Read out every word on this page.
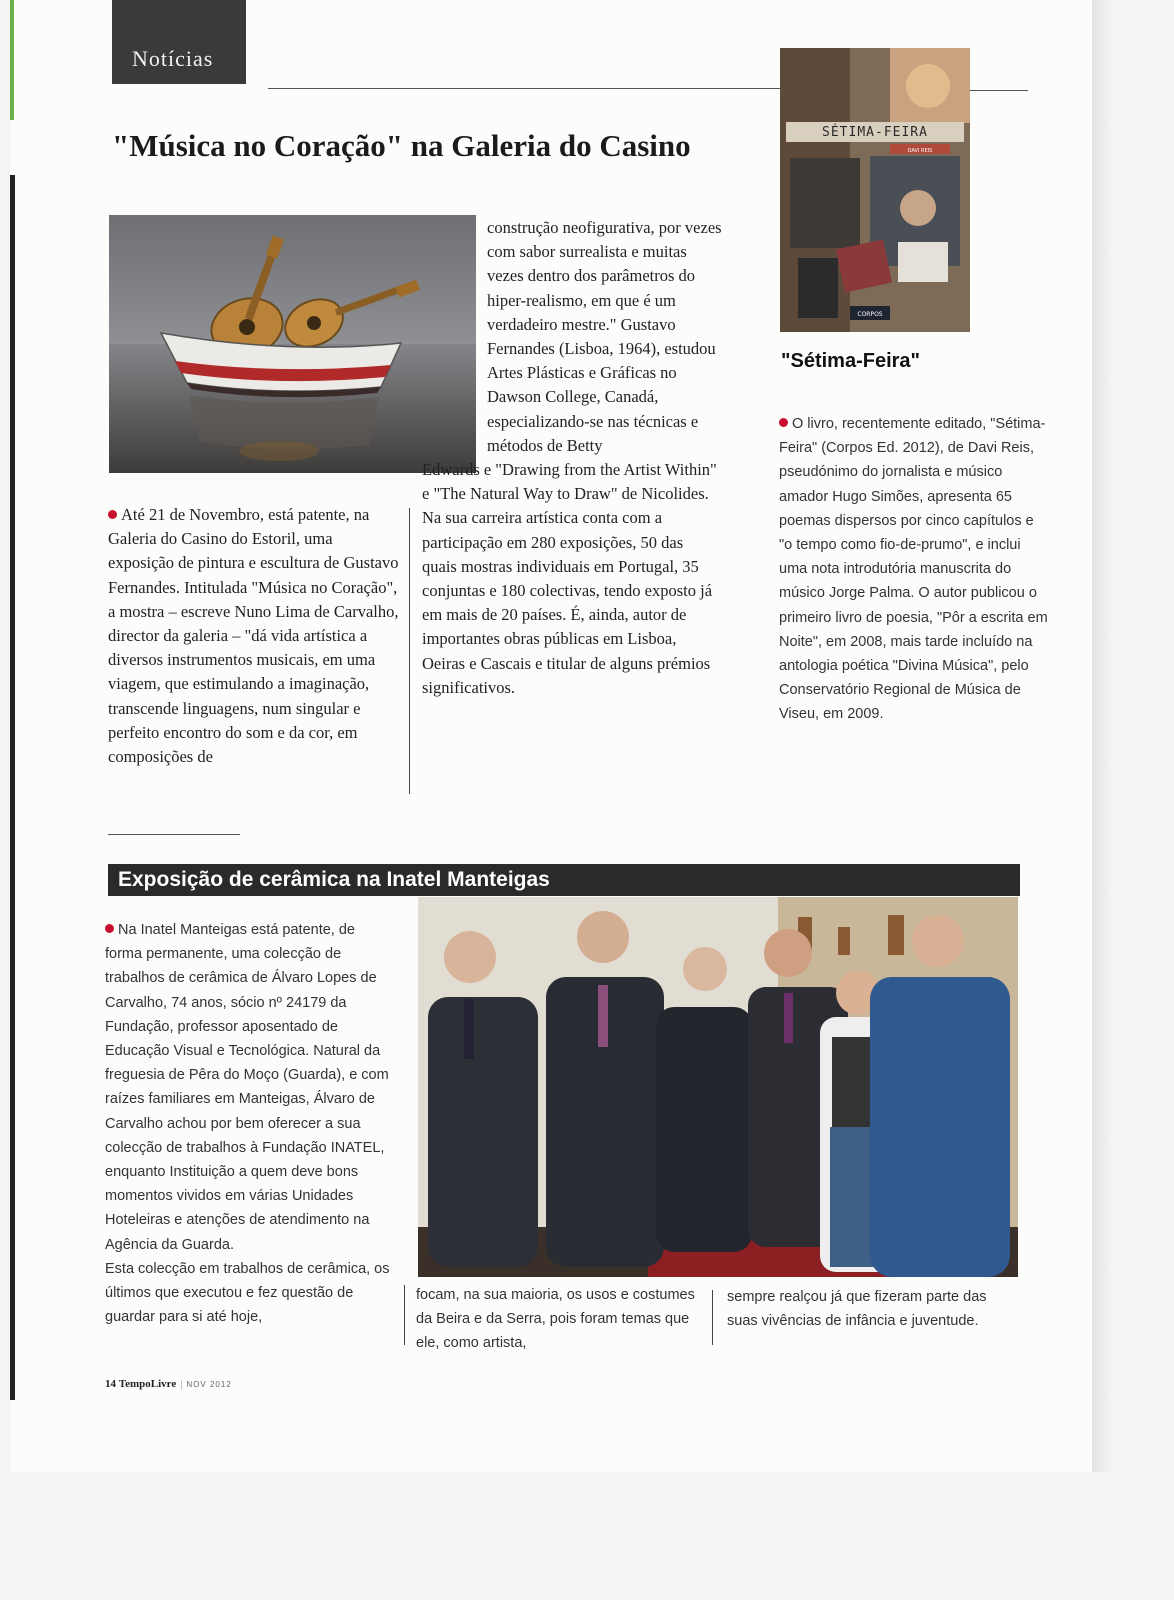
Notícias
"Música no Coração" na Galeria do Casino

Até 21 de Novembro, está patente, na Galeria do Casino do Estoril, uma exposição de pintura e escultura de Gustavo Fernandes. Intitulada "Música no Coração", a mostra – escreve Nuno Lima de Carvalho, director da galeria – "dá vida artística a diversos instrumentos musicais, em uma viagem, que estimulando a imaginação, transcende linguagens, num singular e perfeito encontro do som e da cor, em composições de

construção neofigurativa, por vezes com sabor surrealista e muitas vezes dentro dos parâmetros do hiper-realismo, em que é um verdadeiro mestre." Gustavo Fernandes (Lisboa, 1964), estudou Artes Plásticas e Gráficas no Dawson College, Canadá, especializando-se nas técnicas e métodos de Betty
Edwards e "Drawing from the Artist Within" e "The Natural Way to Draw" de Nicolides. Na sua carreira artística conta com a participação em 280 exposições, 50 das quais mostras individuais em Portugal, 35 conjuntas e 180 colectivas, tendo exposto já em mais de 20 países. É, ainda, autor de importantes obras públicas em Lisboa, Oeiras e Cascais e titular de alguns prémios significativos.

SÉTIMA-FEIRA
DAVI REIS
CORPOS
"Sétima-Feira"

O livro, recentemente editado, "Sétima-Feira" (Corpos Ed. 2012), de Davi Reis, pseudónimo do jornalista e músico amador Hugo Simões, apresenta 65 poemas dispersos por cinco capítulos e "o tempo como fio-de-prumo", e inclui uma nota introdutória manuscrita do músico Jorge Palma. O autor publicou o primeiro livro de poesia, "Pôr a escrita em Noite", em 2008, mais tarde incluído na antologia poética "Divina Música", pelo Conservatório Regional de Música de Viseu, em 2009.

Exposição de cerâmica na Inatel Manteigas

Na Inatel Manteigas está patente, de forma permanente, uma colecção de trabalhos de cerâmica de Álvaro Lopes de Carvalho, 74 anos, sócio nº 24179 da Fundação, professor aposentado de Educação Visual e Tecnológica. Natural da freguesia de Pêra do Moço (Guarda), e com raízes familiares em Manteigas, Álvaro de Carvalho achou por bem oferecer a sua colecção de trabalhos à Fundação INATEL, enquanto Instituição a quem deve bons momentos vividos em várias Unidades Hoteleiras e atenções de atendimento na Agência da Guarda.
Esta colecção em trabalhos de cerâmica, os últimos que executou e fez questão de guardar para si até hoje,

focam, na sua maioria, os usos e costumes da Beira e da Serra, pois foram temas que ele, como artista,

sempre realçou já que fizeram parte das suas vivências de infância e juventude.

14 TempoLivre | NOV 2012
